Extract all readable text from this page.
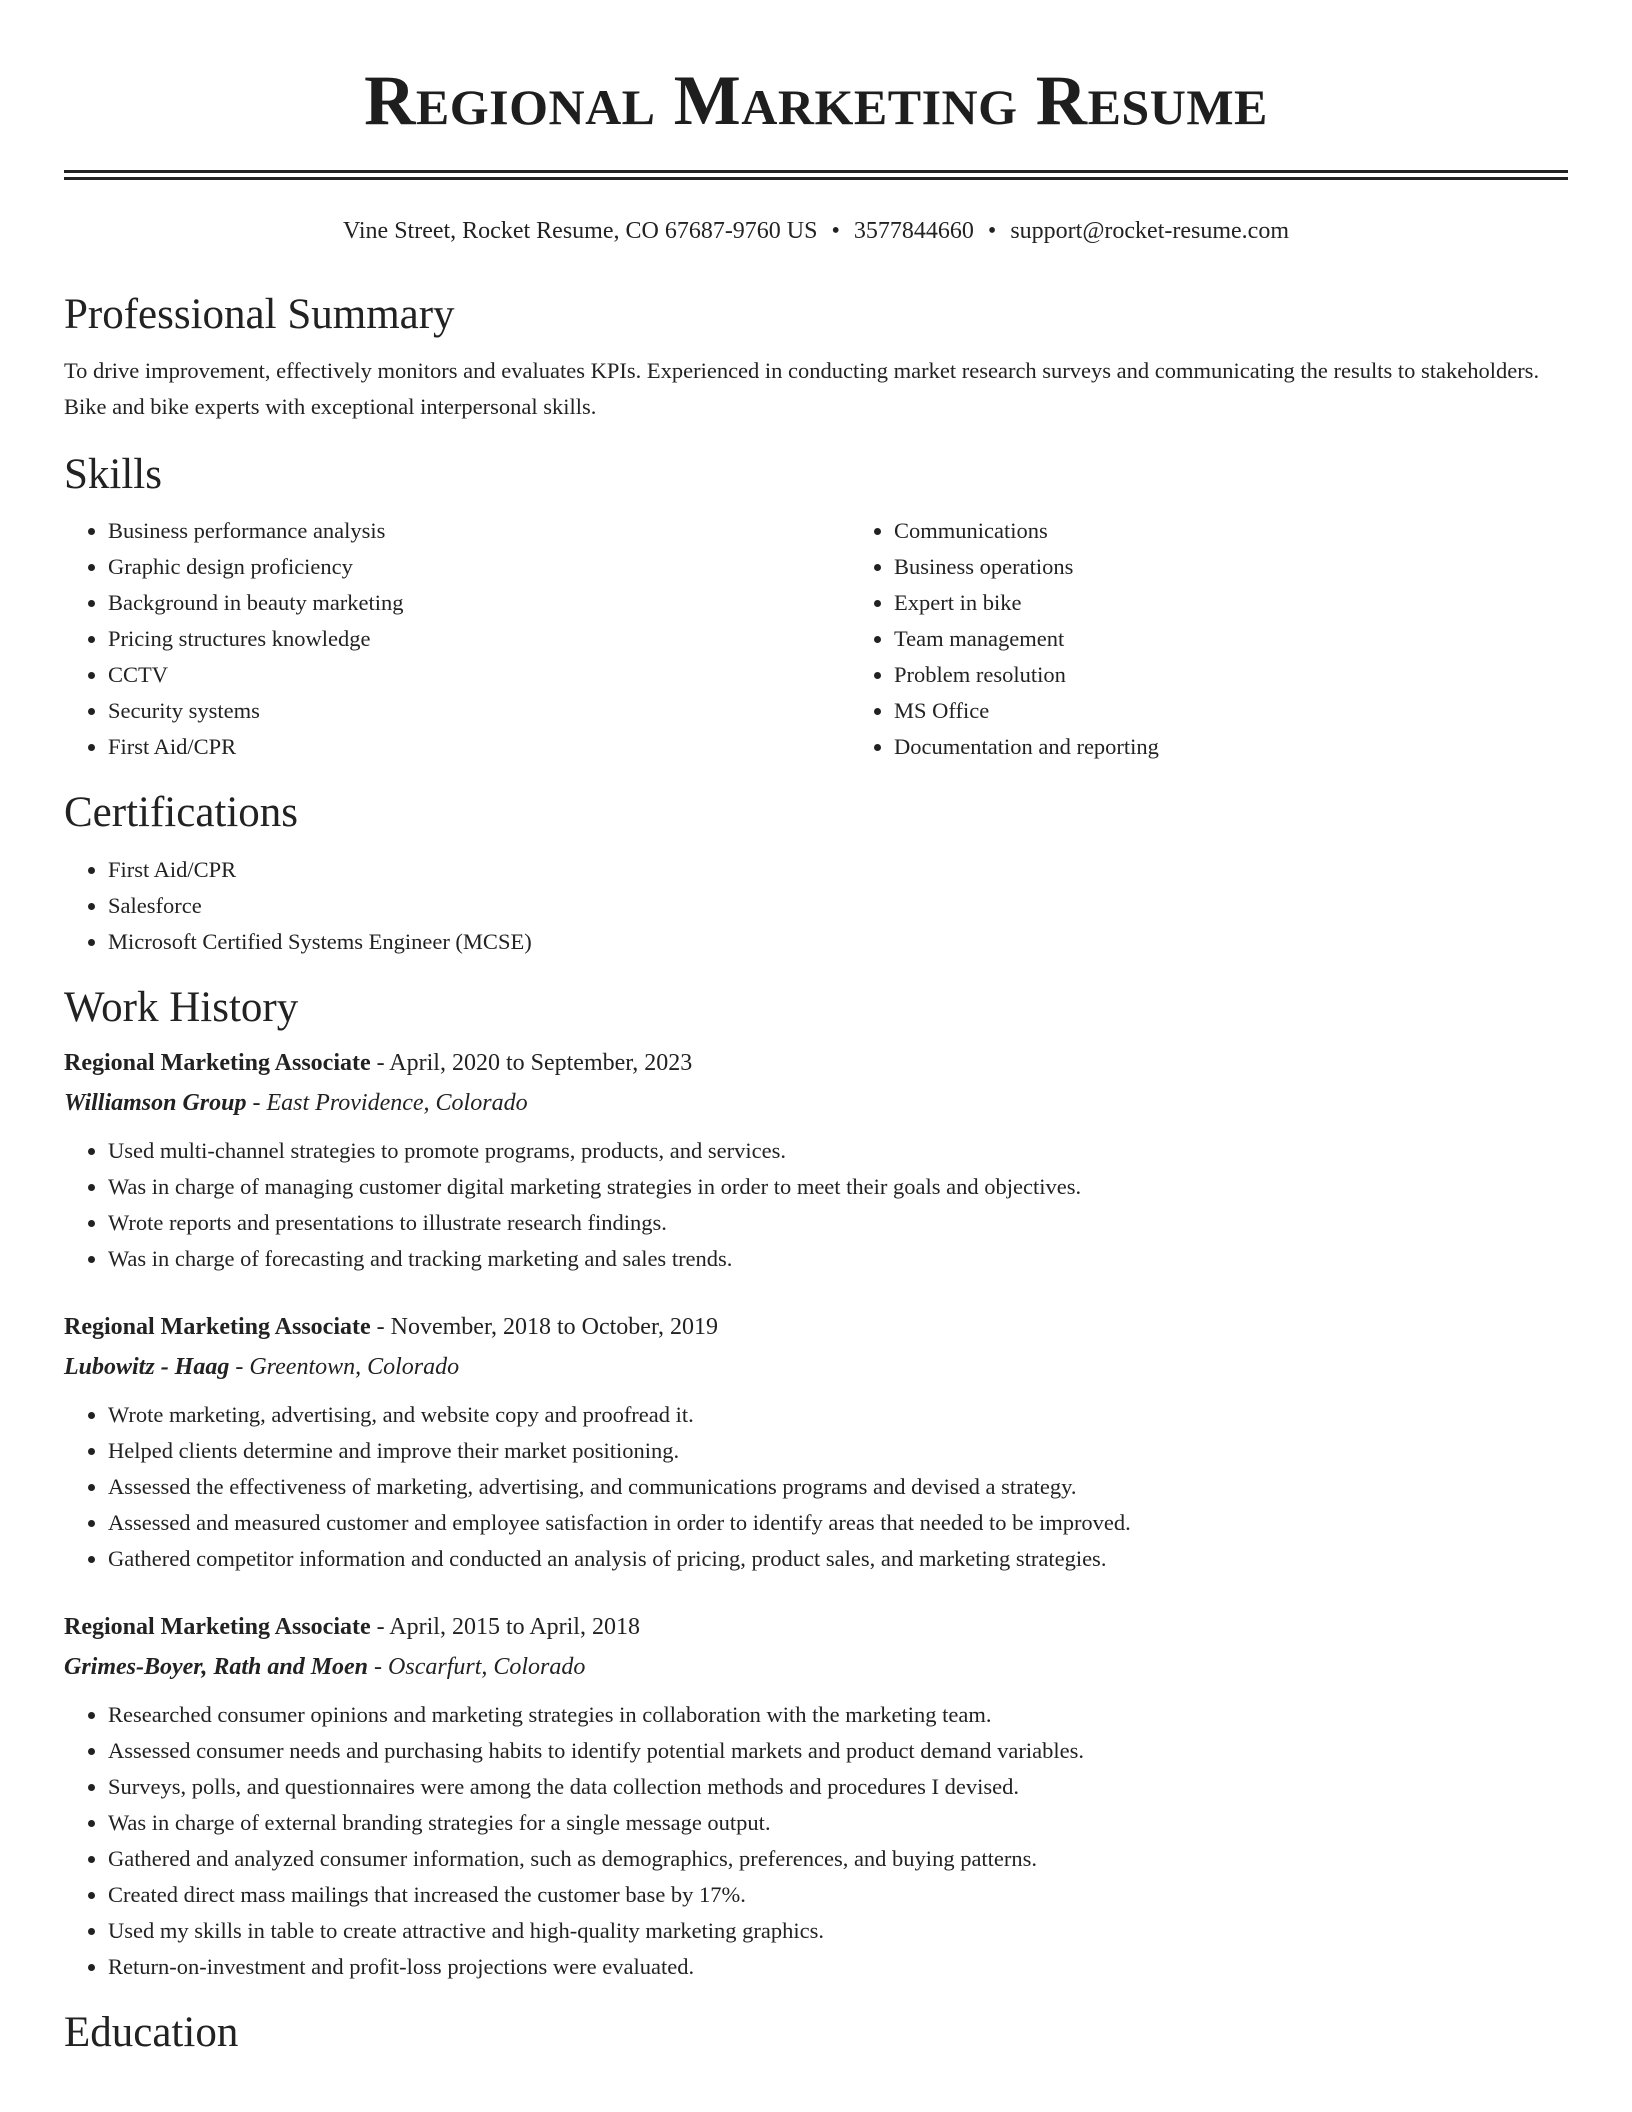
Regional Marketing Resume
Vine Street, Rocket Resume, CO 67687-9760 US • 3577844660 • support@rocket-resume.com
Professional Summary

To drive improvement, effectively monitors and evaluates KPIs. Experienced in conducting market research surveys and communicating the results to stakeholders. Bike and bike experts with exceptional interpersonal skills.

Skills
• Business performance analysis
• Graphic design proficiency
• Background in beauty marketing
• Pricing structures knowledge
• CCTV
• Security systems
• First Aid/CPR
• Communications
• Business operations
• Expert in bike
• Team management
• Problem resolution
• MS Office
• Documentation and reporting
Certifications
• First Aid/CPR
• Salesforce
• Microsoft Certified Systems Engineer (MCSE)
Work History
Regional Marketing Associate - April, 2020 to September, 2023
Williamson Group - East Providence, Colorado
• Used multi-channel strategies to promote programs, products, and services.
• Was in charge of managing customer digital marketing strategies in order to meet their goals and objectives.
• Wrote reports and presentations to illustrate research findings.
• Was in charge of forecasting and tracking marketing and sales trends.
Regional Marketing Associate - November, 2018 to October, 2019
Lubowitz - Haag - Greentown, Colorado
• Wrote marketing, advertising, and website copy and proofread it.
• Helped clients determine and improve their market positioning.
• Assessed the effectiveness of marketing, advertising, and communications programs and devised a strategy.
• Assessed and measured customer and employee satisfaction in order to identify areas that needed to be improved.
• Gathered competitor information and conducted an analysis of pricing, product sales, and marketing strategies.
Regional Marketing Associate - April, 2015 to April, 2018
Grimes-Boyer, Rath and Moen - Oscarfurt, Colorado
• Researched consumer opinions and marketing strategies in collaboration with the marketing team.
• Assessed consumer needs and purchasing habits to identify potential markets and product demand variables.
• Surveys, polls, and questionnaires were among the data collection methods and procedures I devised.
• Was in charge of external branding strategies for a single message output.
• Gathered and analyzed consumer information, such as demographics, preferences, and buying patterns.
• Created direct mass mailings that increased the customer base by 17%.
• Used my skills in table to create attractive and high-quality marketing graphics.
• Return-on-investment and profit-loss projections were evaluated.
Education
